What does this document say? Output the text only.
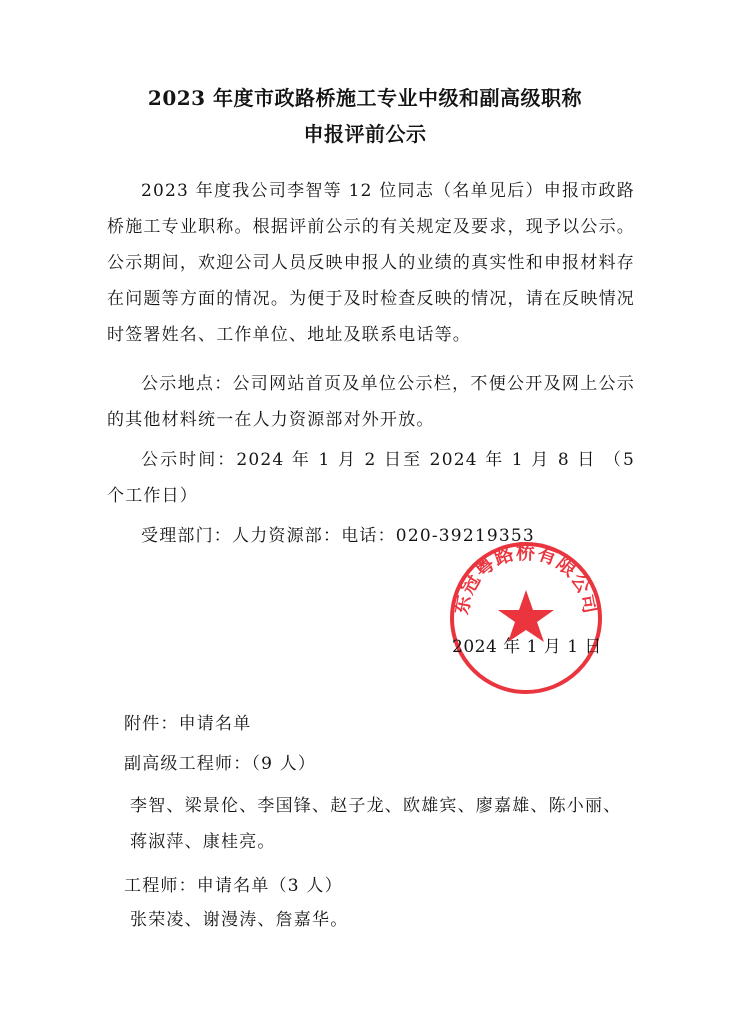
2023 年度市政路桥施工专业中级和副高级职称
申报评前公示

2023 年度我公司李智等 12 位同志（名单见后）申报市政路桥施工专业职称。根据评前公示的有关规定及要求，现予以公示。公示期间，欢迎公司人员反映申报人的业绩的真实性和申报材料存在问题等方面的情况。为便于及时检查反映的情况，请在反映情况时签署姓名、工作单位、地址及联系电话等。

公示地点：公司网站首页及单位公示栏，不便公开及网上公示的其他材料统一在人力资源部对外开放。

公示时间：2024 年 1 月 2 日至 2024 年 1 月 8 日 （5 个工作日）

受理部门：人力资源部：电话：020-39219353

东冠粤路桥有限公司
2024 年 1 月 1 日
附件：申请名单
副高级工程师：（9 人）
李智、梁景伦、李国锋、赵子龙、欧雄宾、廖嘉雄、陈小丽、蒋淑萍、康桂亮。
工程师：申请名单（3 人）
张荣凌、谢漫涛、詹嘉华。
